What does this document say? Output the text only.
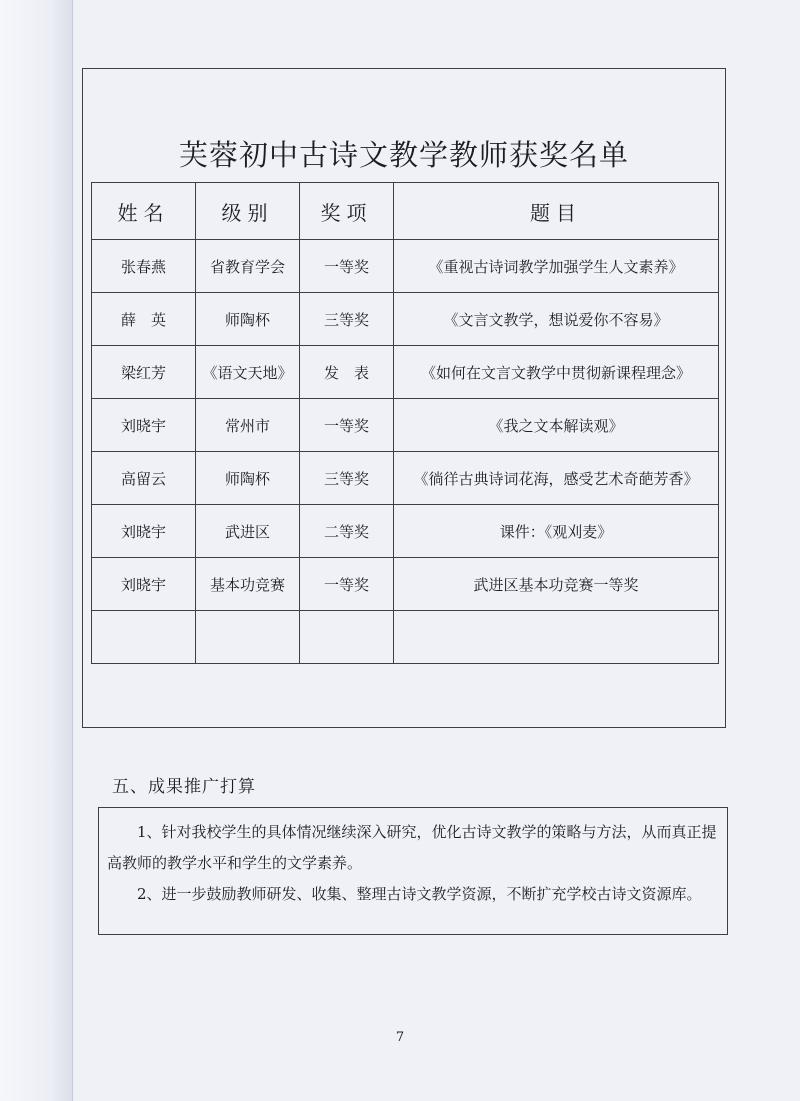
芙蓉初中古诗文教学教师获奖名单
姓名	级别	奖项	题目
张春燕	省教育学会	一等奖	《重视古诗词教学加强学生人文素养》
薛　英	师陶杯	三等奖	《文言文教学，想说爱你不容易》
梁红芳	《语文天地》	发　表	《如何在文言文教学中贯彻新课程理念》
刘晓宇	常州市	一等奖	《我之文本解读观》
高留云	师陶杯	三等奖	《徜徉古典诗词花海，感受艺术奇葩芳香》
刘晓宇	武进区	二等奖	课件：《观刈麦》
刘晓宇	基本功竞赛	一等奖	武进区基本功竞赛一等奖

五、成果推广打算

1、针对我校学生的具体情况继续深入研究，优化古诗文教学的策略与方法，从而真正提高教师的教学水平和学生的文学素养。

2、进一步鼓励教师研发、收集、整理古诗文教学资源，不断扩充学校古诗文资源库。

7
